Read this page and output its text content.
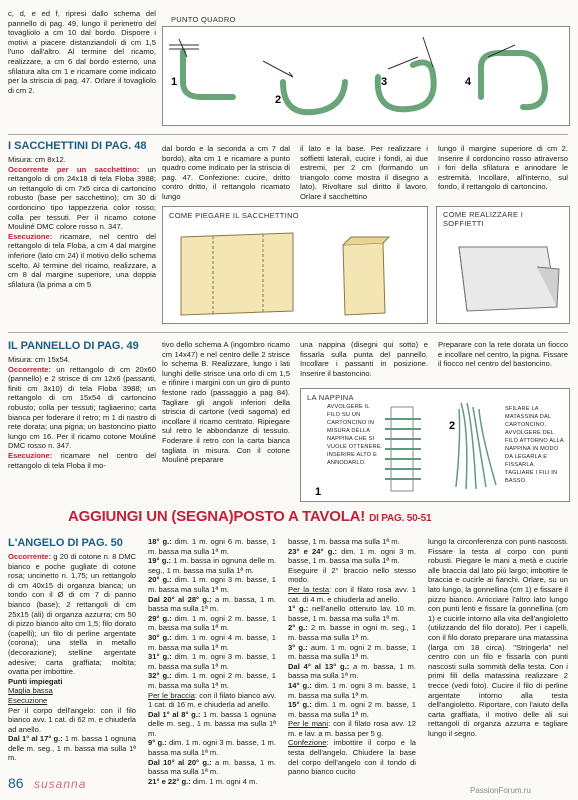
c, d, e ed f, ripresi dallo schema del pannello di pag. 49, lungo il perimetro del tovagliolo a cm 10 dal bordo. Disporre i motivi a piacere distanziandoli di cm 1,5 l'uno dall'altro. Al termine del ricamo, realizzare, a cm 6 dal bordo esterno, una sfilatura alta cm 1 e ricamare come indicato per la striscia di pag. 47. Orlare il tovagliolo di cm 2.
PUNTO QUADRO
1
2
3	4
I SACCHETTINI DI PAG. 48
Misura: cm 8x12.
Occorrente per un sacchettino: un rettangolo di cm 24x18 di tela Floba 3988; un rettangolo di cm 7x5 circa di cartoncino robusto (base per sacchettino); cm 30 di cordoncino tipo tappezzeria color rosso; colla per tessuti. Per il ricamo cotone Mouliné DMC colore rosso n. 347.
Esecuzione: ricamare, nel centro del rettangolo di tela Floba, a cm 4 dal margine inferiore (lato cm 24) il motivo dello schema scelto. Al termine del ricamo, realizzare, a cm 8 dal margine superiore, una doppia sfilatura (la prima a cm 5
dal bordo e la seconda a cm 7 dal bordo), alta cm 1 e ricamare a punto quadro come indicato per la striscia di pag. 47. Confezione: cucire, dritto contro dritto, il rettangolo ricamato lungo
il lato e la base. Per realizzare i soffietti laterali, cucire i fondi, ai due estremi, per 2 cm (formando un triangolo come mostra il disegno a lato). Rivoltare sul diritto il lavoro. Orlare il sacchettino
lungo il margine superiore di cm 2. Inserire il cordoncino rosso attraverso i fori della sfilatura e annodare le estremità. Incollare, all'interno, sul fondo, il rettangolo di cartoncino.
COME PIEGARE IL SACCHETTINO	COME REALIZZARE I SOFFIETTI
IL PANNELLO DI PAG. 49
Misura: cm 15x54.
Occorrente: un rettangolo di cm 20x60 (pannello) e 2 strisce di cm 12x6 (passanti, finiti cm 3x10) di tela Floba 3988; un rettangolo di cm 15x54 di cartoncino robusto; colla per tessuti; tagliaerino; carta bianca per foderare il retro; m 1 di nastro di rete dorata; una pigna; un bastoncino piatto lungo cm 16. Per il ricamo cotone Mouliné DMC rosso n. 347.
Esecuzione: ricamare nel centro del rettangolo di tela Floba il mo-
tivo dello schema A (ingombro ricamo cm 14x47) e nel centro delle 2 strisce lo schema B. Realizzare, lungo i lati lunghi delle strisce una orlo di cm 1,5 e rifinire i margini con un giro di punto festone rado (passaggio a pag 84). Tagliare gli angoli inferiori della striscia di cartone (vedi sagoma) ed incollare il ricamo centrato. Ripiegare sul retro le abbondanze di tessuto. Foderare il retro con la carta bianca tagliata in misura. Con il cotone Mouliné preparare
una nappina (disegni qui sotto) e fissarla sulla punta del pannello. Incollare i passanti in posizione. Inserire il bastoncino.
Preparare con la rete dorata un fiocco e incollare nel centro, la pigna. Fissare il fiocco nel centro del bastoncino.
LA NAPPINA
AVVOLGERE IL FILO SU UN CARTONCINO IN MISURA DELLA NAPPINA CHE SI VUOLE OTTENERE. INSERIRE ALTO E ANNODARLO.
SFILARE LA MATASSINA DAL CARTONCINO, AVVOLGERE DEL FILO ATTORNO ALLA NAPPINA IN MODO DA LEGARLA E FISSARLA. TAGLIARE I FILI IN BASSO.
1
2
AGGIUNGI UN (SEGNA)POSTO A TAVOLA! DI PAG. 50-51
L'ANGELO DI PAG. 50
Occorrente: g 20 di cotone n. 8 DMC bianco e poche gugliate di cotone rosa; uncinetto n. 1,75; un rettangolo di cm 40x15 di organza bianca; un tondo con il Ø di cm 7 di panno bianco (base); 2 rettangoli di cm 25x15 (ali) di organza azzurra; cm 50 di pizzo bianco alto cm 1,5; filo dorato (capelli); un filo di perline argentate (corona); una stella in metallo (decorazione); stelline argentate adesive; carta graffiata; moltita; ovatta per imbottire.
Punti impiegati
Maglia bassa
Esecuzione
Per il corpo dell'angelo: con il filo bianco avv. 1 cat. di 62 m. e chiuderla ad anello.
Dal 1° al 17° g.: 1 m. bassa 1 ognuna delle m. seg., 1 m. bassa ma sulla 1ª m.
18° g.: dim. 1 m. ogni 6 m. basse, 1 m. bassa ma sulla 1ª m.
19° g.: 1 m. bassa in ognuna delle m. seg., 1 m. bassa ma sulla 1ª m.
20° g.: dim. 1 m. ogni 3 m. basse, 1 m. bassa ma sulla 1ª m.
Dal 20° al 28° g.: a m. bassa, 1 m. bassa ma sulla 1ª m.
29° g.: dim. 1 m. ogni 2 m. basse, 1 m. bassa ma sulla 1ª m.
30° g.: dim. 1 m. ogni 4 m. basse, 1 m. bassa ma sulla 1ª m.
31° g.: dim. 1 m. ogni 3 m. basse, 1 m. bassa ma sulla 1ª m.
32° g.: dim. 1 m. ogni 2 m. basse, 1 m. bassa ma sulla 1ª m.
Per le braccia: con il filato bianco avv. 1 cat. di 16 m. e chiuderla ad anello.
Dal 1° al 8° g.: 1 m. bassa 1 ognuna delle m. seg., 1 m. bassa ma sulla 1ª m.
9° g.: dim. 1 m. ogni 3 m. basse, 1 m. bassa ma sulla 1ª m.
Dal 10° al 20° g.: a m. bassa, 1 m. bassa ma sulla 1ª m.
21° e 22° g.: dim. 1 m. ogni 4 m.
basse, 1 m. bassa ma sulla 1ª m.
23° e 24° g.: dim. 1 m. ogni 3 m. basse, 1 m. bassa ma sulla 1ª m.
Eseguire il 2° braccio nello stesso modo.
Per la testa: con il filato rosa avv. 1 cat. di 4 m. e chiuderla ad anello.
1° g.: nell'anello ottenuto lav. 10 m. basse, 1 m. bassa ma sulla 1ª m.
2° g.: 2 m. basse in ogni m. seg., 1 m. bassa ma sulla 1ª m.
3° g.: aum. 1 m. ogni 2 m. basse, 1 m. bassa ma sulla 1ª m.
Dal 4° al 13° g.: a m. bassa, 1 m. bassa ma sulla 1ª m.
14° g.: dim. 1 m. ogni 3 m. basse, 1 m. bassa ma sulla 1ª m.
15° g.: dim. 1 m. ogni 2 m. basse, 1 m. bassa ma sulla 1ª m.
Per le mani: con il filato rosa avv. 12 m. e lav. a m. bassa per 5 g.
Confezione: imbottire il corpo e la testa dell'angelo. Chiudere la base del corpo dell'angelo con il tondo di panno bianco cucito
lungo la circonferenza con punti nascosti. Fissare la testa al corpo con punti robusti. Piegare le mani a metà e cucirle alle braccia dal lato più largo; imbottire le braccia e cucirle ai fianchi. Orlare, su un lato lungo, la gonnellina (cm 1) e fissare il pizzo bianco. Arricciare l'altro lato lungo con punti lenti e fissare la gonnellina (cm 1) e cucirle intorno alla vita dell'angioletto (utilizzando del filo dorato). Per i capelli, con il filo dorato preparare una matassina (larga cm 18 circa). "Stringerla" nel centro con un filo e fissarla con punti nascosti sulla sommità della testa. Con i primi fili della matassina realizzare 2 trecce (vedi foto). Cucire il filo di perline argentate intorno alla testa dell'angioletto. Riportare, con l'aiuto della carta graffiata, il motivo delle ali sui rettangoli di organza azzurra e tagliare lungo il segno.
86 susanna	PassionForum.ru
